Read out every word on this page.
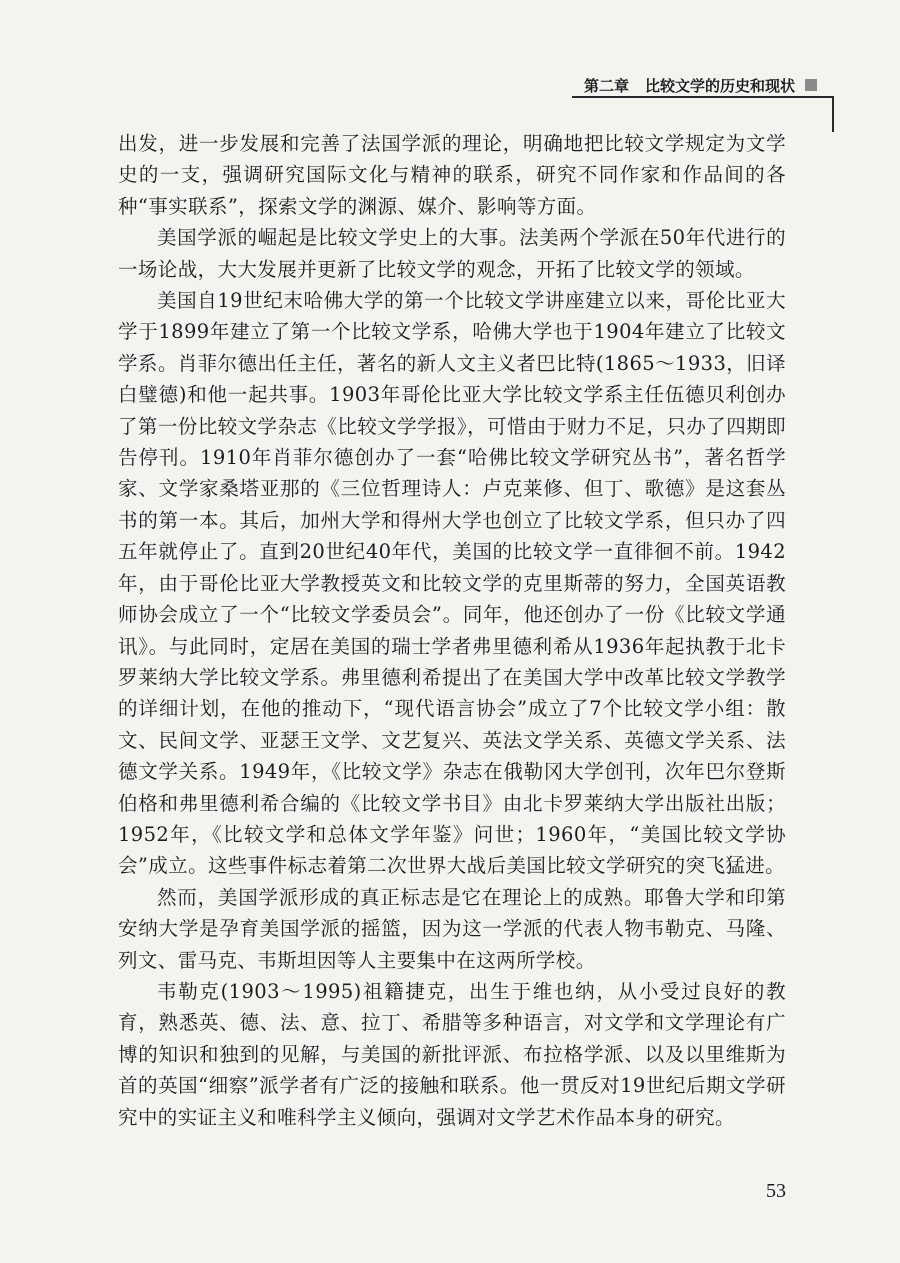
第二章 比较文学的历史和现状

出发，进一步发展和完善了法国学派的理论，明确地把比较文学规定为文学史的一支，强调研究国际文化与精神的联系，研究不同作家和作品间的各种“事实联系”，探索文学的渊源、媒介、影响等方面。

美国学派的崛起是比较文学史上的大事。法美两个学派在50年代进行的一场论战，大大发展并更新了比较文学的观念，开拓了比较文学的领域。

美国自19世纪末哈佛大学的第一个比较文学讲座建立以来，哥伦比亚大学于1899年建立了第一个比较文学系，哈佛大学也于1904年建立了比较文学系。肖菲尔德出任主任，著名的新人文主义者巴比特(1865～1933，旧译白璧德)和他一起共事。1903年哥伦比亚大学比较文学系主任伍德贝利创办了第一份比较文学杂志《比较文学学报》，可惜由于财力不足，只办了四期即告停刊。1910年肖菲尔德创办了一套“哈佛比较文学研究丛书”，著名哲学家、文学家桑塔亚那的《三位哲理诗人：卢克莱修、但丁、歌德》是这套丛书的第一本。其后，加州大学和得州大学也创立了比较文学系，但只办了四五年就停止了。直到20世纪40年代，美国的比较文学一直徘徊不前。1942年，由于哥伦比亚大学教授英文和比较文学的克里斯蒂的努力，全国英语教师协会成立了一个“比较文学委员会”。同年，他还创办了一份《比较文学通讯》。与此同时，定居在美国的瑞士学者弗里德利希从1936年起执教于北卡罗莱纳大学比较文学系。弗里德利希提出了在美国大学中改革比较文学教学的详细计划，在他的推动下，“现代语言协会”成立了7个比较文学小组：散文、民间文学、亚瑟王文学、文艺复兴、英法文学关系、英德文学关系、法德文学关系。1949年，《比较文学》杂志在俄勒冈大学创刊，次年巴尔登斯伯格和弗里德利希合编的《比较文学书目》由北卡罗莱纳大学出版社出版；1952年，《比较文学和总体文学年鉴》问世；1960年，“美国比较文学协会”成立。这些事件标志着第二次世界大战后美国比较文学研究的突飞猛进。

然而，美国学派形成的真正标志是它在理论上的成熟。耶鲁大学和印第安纳大学是孕育美国学派的摇篮，因为这一学派的代表人物韦勒克、马隆、列文、雷马克、韦斯坦因等人主要集中在这两所学校。

韦勒克(1903～1995)祖籍捷克，出生于维也纳，从小受过良好的教育，熟悉英、德、法、意、拉丁、希腊等多种语言，对文学和文学理论有广博的知识和独到的见解，与美国的新批评派、布拉格学派、以及以里维斯为首的英国“细察”派学者有广泛的接触和联系。他一贯反对19世纪后期文学研究中的实证主义和唯科学主义倾向，强调对文学艺术作品本身的研究。

53
